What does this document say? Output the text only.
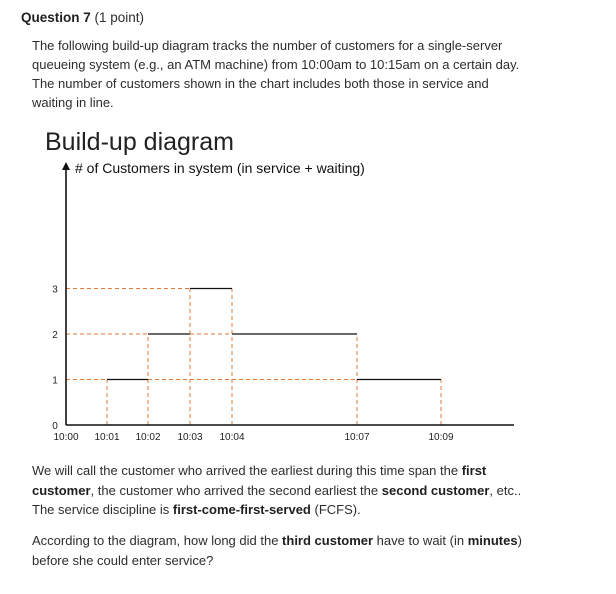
Question 7 (1 point)
The following build-up diagram tracks the number of customers for a single-server queueing system (e.g., an ATM machine) from 10:00am to 10:15am on a certain day. The number of customers shown in the chart includes both those in service and waiting in line.
Build-up diagram
# of Customers in system (in service + waiting)
0
1
2
3
10:00 10:01 10:02 10:03 10:04	10:07	10:09
We will call the customer who arrived the earliest during this time span the first customer, the customer who arrived the second earliest the second customer, etc.. The service discipline is first-come-first-served (FCFS).
According to the diagram, how long did the third customer have to wait (in minutes) before she could enter service?
